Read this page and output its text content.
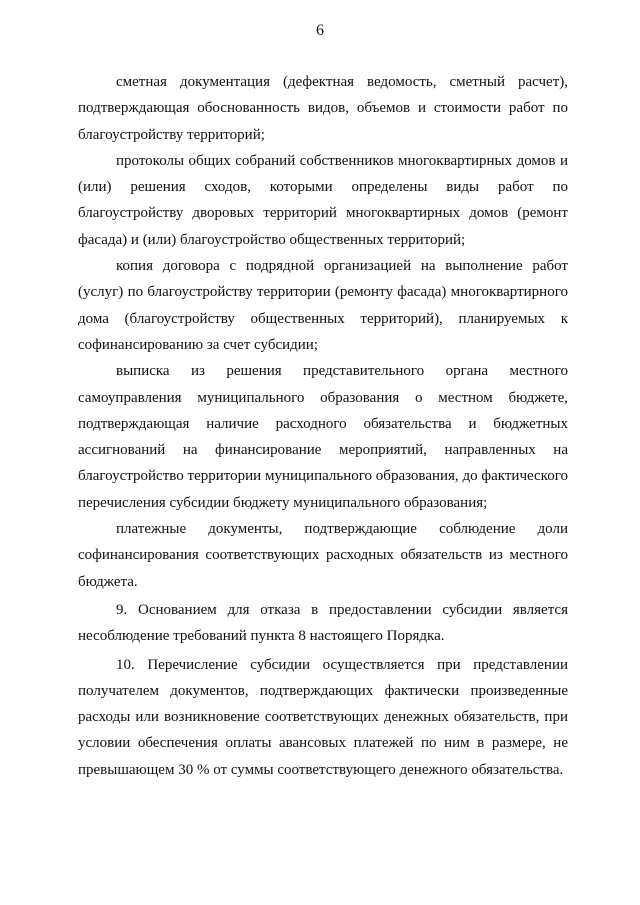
6

сметная документация (дефектная ведомость, сметный расчет), подтверждающая обоснованность видов, объемов и стоимости работ по благоустройству территорий;

протоколы общих собраний собственников многоквартирных домов и (или) решения сходов, которыми определены виды работ по благоустройству дворовых территорий многоквартирных домов (ремонт фасада) и (или) благоустройство общественных территорий;

копия договора с подрядной организацией на выполнение работ (услуг) по благоустройству территории (ремонту фасада) многоквартирного дома (благоустройству общественных территорий), планируемых к софинансированию за счет субсидии;

выписка из решения представительного органа местного самоуправления муниципального образования о местном бюджете, подтверждающая наличие расходного обязательства и бюджетных ассигнований на финансирование мероприятий, направленных на благоустройство территории муниципального образования, до фактического перечисления субсидии бюджету муниципального образования;

платежные документы, подтверждающие соблюдение доли софинансирования соответствующих расходных обязательств из местного бюджета.

9. Основанием для отказа в предоставлении субсидии является несоблюдение требований пункта 8 настоящего Порядка.

10. Перечисление субсидии осуществляется при представлении получателем документов, подтверждающих фактически произведенные расходы или возникновение соответствующих денежных обязательств, при условии обеспечения оплаты авансовых платежей по ним в размере, не превышающем 30 % от суммы соответствующего денежного обязательства.
